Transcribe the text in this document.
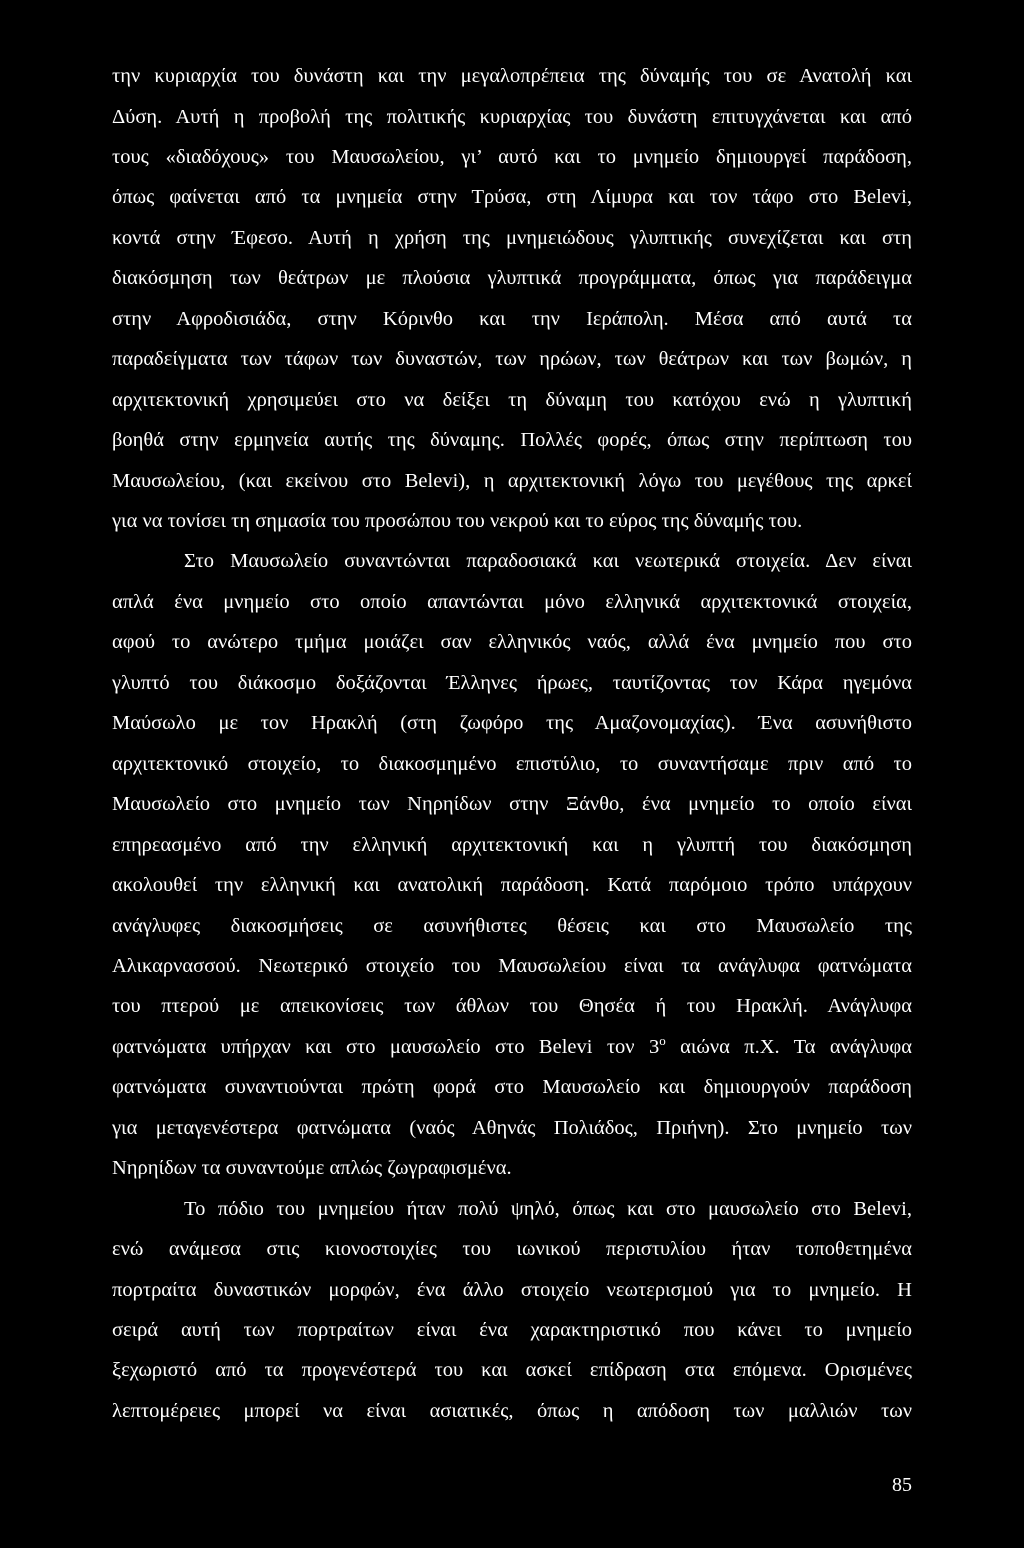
την κυριαρχία του δυνάστη και την μεγαλοπρέπεια της δύναμής του σε Ανατολή και
Δύση. Αυτή η προβολή της πολιτικής κυριαρχίας του δυνάστη επιτυγχάνεται και από
τους «διαδόχους» του Μαυσωλείου, γι’ αυτό και το μνημείο δημιουργεί παράδοση,
όπως φαίνεται από τα μνημεία στην Τρύσα, στη Λίμυρα και τον τάφο στο Belevi,
κοντά στην Έφεσο. Αυτή η χρήση της μνημειώδους γλυπτικής συνεχίζεται και στη
διακόσμηση των θεάτρων με πλούσια γλυπτικά προγράμματα, όπως για παράδειγμα
στην Αφροδισιάδα, στην Κόρινθο και την Ιεράπολη. Μέσα από αυτά τα
παραδείγματα των τάφων των δυναστών, των ηρώων, των θεάτρων και των βωμών, η
αρχιτεκτονική χρησιμεύει στο να δείξει τη δύναμη του κατόχου ενώ η γλυπτική
βοηθά στην ερμηνεία αυτής της δύναμης. Πολλές φορές, όπως στην περίπτωση του
Μαυσωλείου, (και εκείνου στο Belevi), η αρχιτεκτονική λόγω του μεγέθους της αρκεί
για να τονίσει τη σημασία του προσώπου του νεκρού και το εύρος της δύναμής του.
Στο Μαυσωλείο συναντώνται παραδοσιακά και νεωτερικά στοιχεία. Δεν είναι
απλά ένα μνημείο στο οποίο απαντώνται μόνο ελληνικά αρχιτεκτονικά στοιχεία,
αφού το ανώτερο τμήμα μοιάζει σαν ελληνικός ναός, αλλά ένα μνημείο που στο
γλυπτό του διάκοσμο δοξάζονται Έλληνες ήρωες, ταυτίζοντας τον Κάρα ηγεμόνα
Μαύσωλο με τον Ηρακλή (στη ζωφόρο της Αμαζονομαχίας). Ένα ασυνήθιστο
αρχιτεκτονικό στοιχείο, το διακοσμημένο επιστύλιο, το συναντήσαμε πριν από το
Μαυσωλείο στο μνημείο των Νηρηίδων στην Ξάνθο, ένα μνημείο το οποίο είναι
επηρεασμένο από την ελληνική αρχιτεκτονική και η γλυπτή του διακόσμηση
ακολουθεί την ελληνική και ανατολική παράδοση. Κατά παρόμοιο τρόπο υπάρχουν
ανάγλυφες διακοσμήσεις σε ασυνήθιστες θέσεις και στο Μαυσωλείο της
Αλικαρνασσού. Νεωτερικό στοιχείο του Μαυσωλείου είναι τα ανάγλυφα φατνώματα
του πτερού με απεικονίσεις των άθλων του Θησέα ή του Ηρακλή. Ανάγλυφα
φατνώματα υπήρχαν και στο μαυσωλείο στο Belevi τον $3^o$ αιώνα π.Χ. Τα ανάγλυφα
φατνώματα συναντιούνται πρώτη φορά στο Μαυσωλείο και δημιουργούν παράδοση
για μεταγενέστερα φατνώματα (ναός Αθηνάς Πολιάδος, Πριήνη). Στο μνημείο των
Νηρηίδων τα συναντούμε απλώς ζωγραφισμένα.
Το πόδιο του μνημείου ήταν πολύ ψηλό, όπως και στο μαυσωλείο στο Belevi,
ενώ ανάμεσα στις κιονοστοιχίες του ιωνικού περιστυλίου ήταν τοποθετημένα
πορτραίτα δυναστικών μορφών, ένα άλλο στοιχείο νεωτερισμού για το μνημείο. Η
σειρά αυτή των πορτραίτων είναι ένα χαρακτηριστικό που κάνει το μνημείο
ξεχωριστό από τα προγενέστερά του και ασκεί επίδραση στα επόμενα. Ορισμένες
λεπτομέρειες μπορεί να είναι ασιατικές, όπως η απόδοση των μαλλιών των
85
